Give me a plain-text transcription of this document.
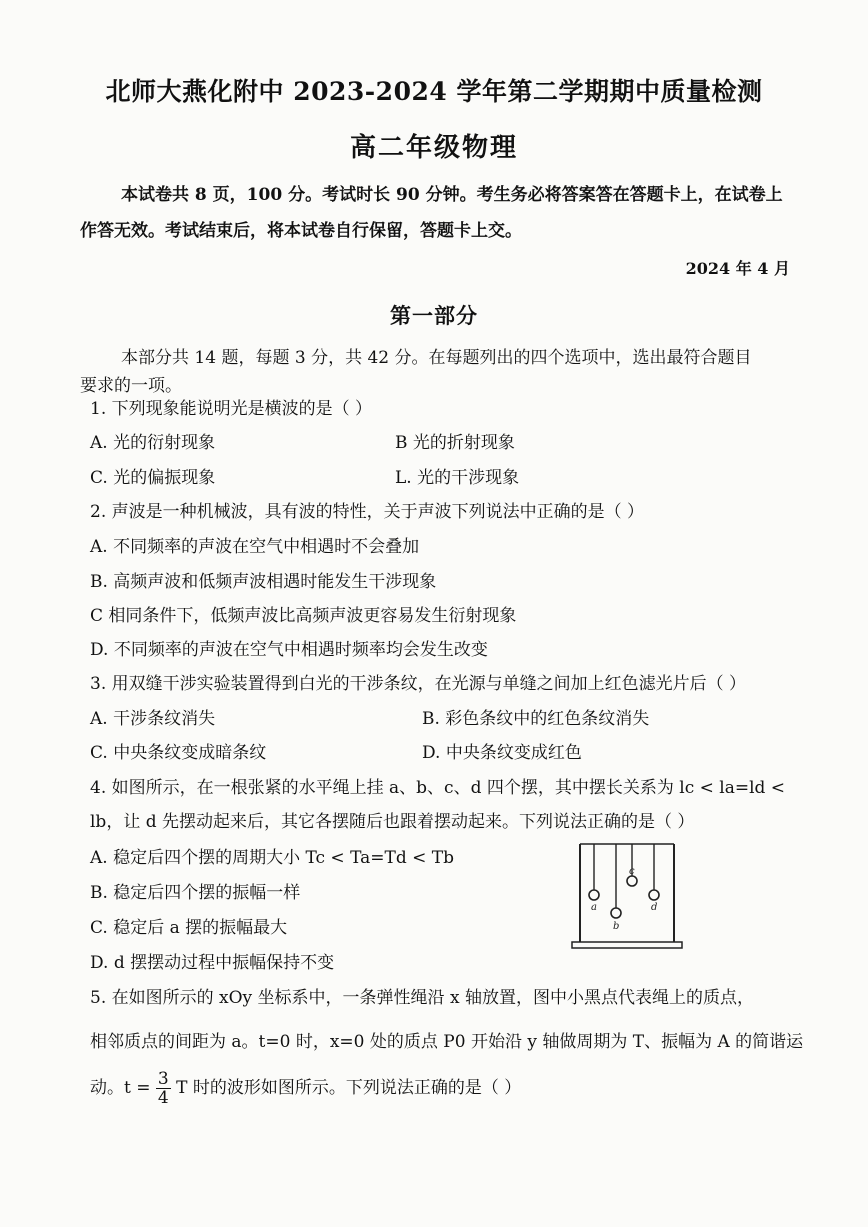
北师大燕化附中 2023-2024 学年第二学期期中质量检测
高二年级物理
本试卷共 8 页，100 分。考试时长 90 分钟。考生务必将答案答在答题卡上，在试卷上
作答无效。考试结束后，将本试卷自行保留，答题卡上交。
2024 年 4 月
第一部分
本部分共 14 题，每题 3 分，共 42 分。在每题列出的四个选项中，选出最符合题目
要求的一项。
1. 下列现象能说明光是横波的是（ ）
A. 光的衍射现象	B 光的折射现象
C. 光的偏振现象	L. 光的干涉现象
2. 声波是一种机械波，具有波的特性，关于声波下列说法中正确的是（ ）
A. 不同频率的声波在空气中相遇时不会叠加
B. 高频声波和低频声波相遇时能发生干涉现象
C 相同条件下，低频声波比高频声波更容易发生衍射现象
D. 不同频率的声波在空气中相遇时频率均会发生改变
3. 用双缝干涉实验装置得到白光的干涉条纹，在光源与单缝之间加上红色滤光片后（ ）
A. 干涉条纹消失	B. 彩色条纹中的红色条纹消失
C. 中央条纹变成暗条纹	D. 中央条纹变成红色
4. 如图所示，在一根张紧的水平绳上挂 a、b、c、d 四个摆，其中摆长关系为 lc < la=ld <
lb，让 d 先摆动起来后，其它各摆随后也跟着摆动起来。下列说法正确的是（ ）
A. 稳定后四个摆的周期大小 Tc < Ta=Td < Tb
B. 稳定后四个摆的振幅一样
C. 稳定后 a 摆的振幅最大
D. d 摆摆动过程中振幅保持不变
a
b
c
d
5. 在如图所示的 xOy 坐标系中，一条弹性绳沿 x 轴放置，图中小黑点代表绳上的质点，
相邻质点的间距为 a。t=0 时，x=0 处的质点 P0 开始沿 y 轴做周期为 T、振幅为 A 的简谐运
动。$t = \frac{3}{4}$ T 时的波形如图所示。下列说法正确的是（ ）
